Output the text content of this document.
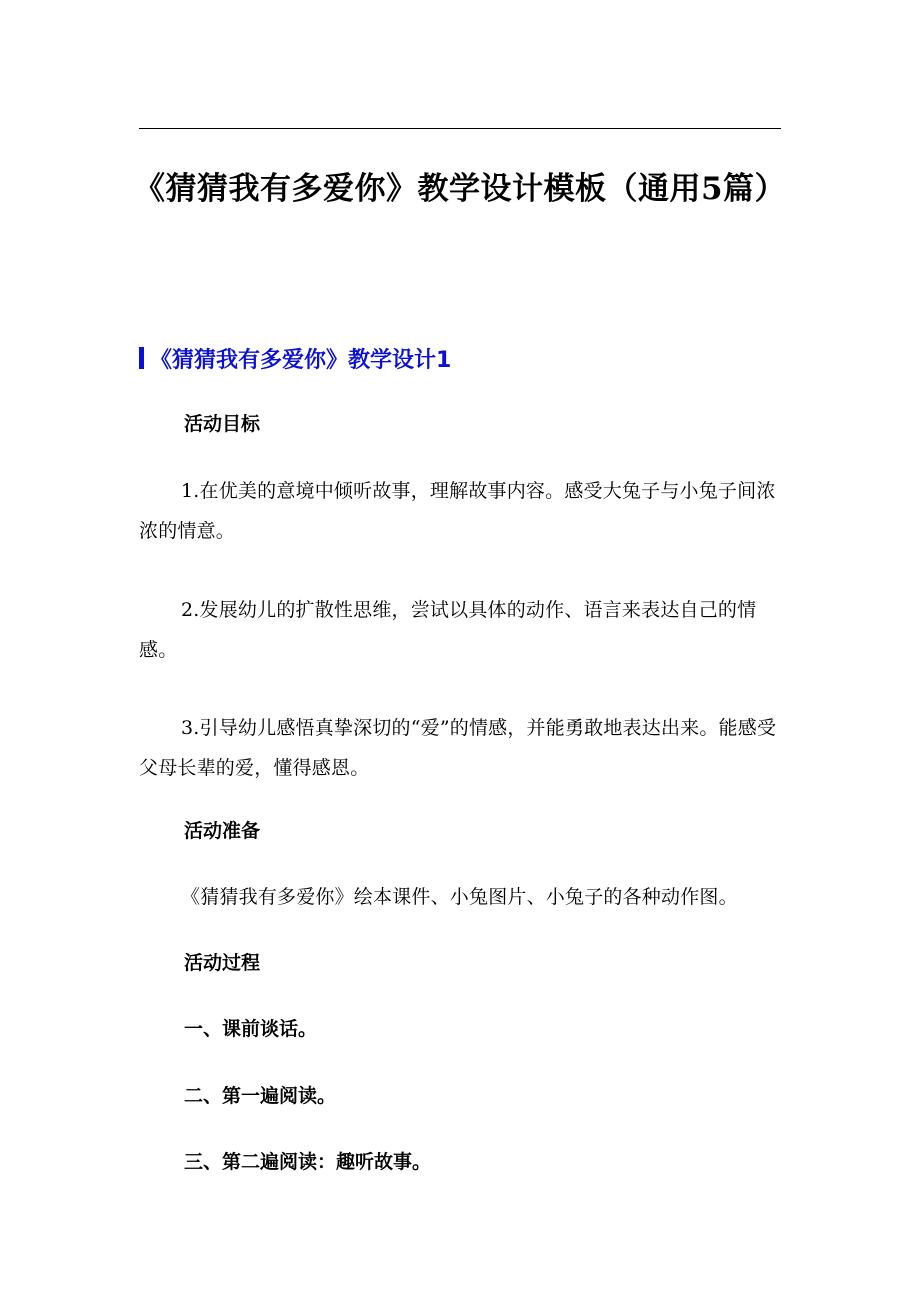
《猜猜我有多爱你》教学设计模板（通用5篇）
《猜猜我有多爱你》教学设计1
活动目标

1.在优美的意境中倾听故事，理解故事内容。感受大兔子与小兔子间浓浓的情意。

2.发展幼儿的扩散性思维，尝试以具体的动作、语言来表达自己的情感。

3.引导幼儿感悟真挚深切的“爱”的情感，并能勇敢地表达出来。能感受父母长辈的爱，懂得感恩。

活动准备

《猜猜我有多爱你》绘本课件、小兔图片、小兔子的各种动作图。

活动过程
一、课前谈话。
二、第一遍阅读。
三、第二遍阅读：趣听故事。
